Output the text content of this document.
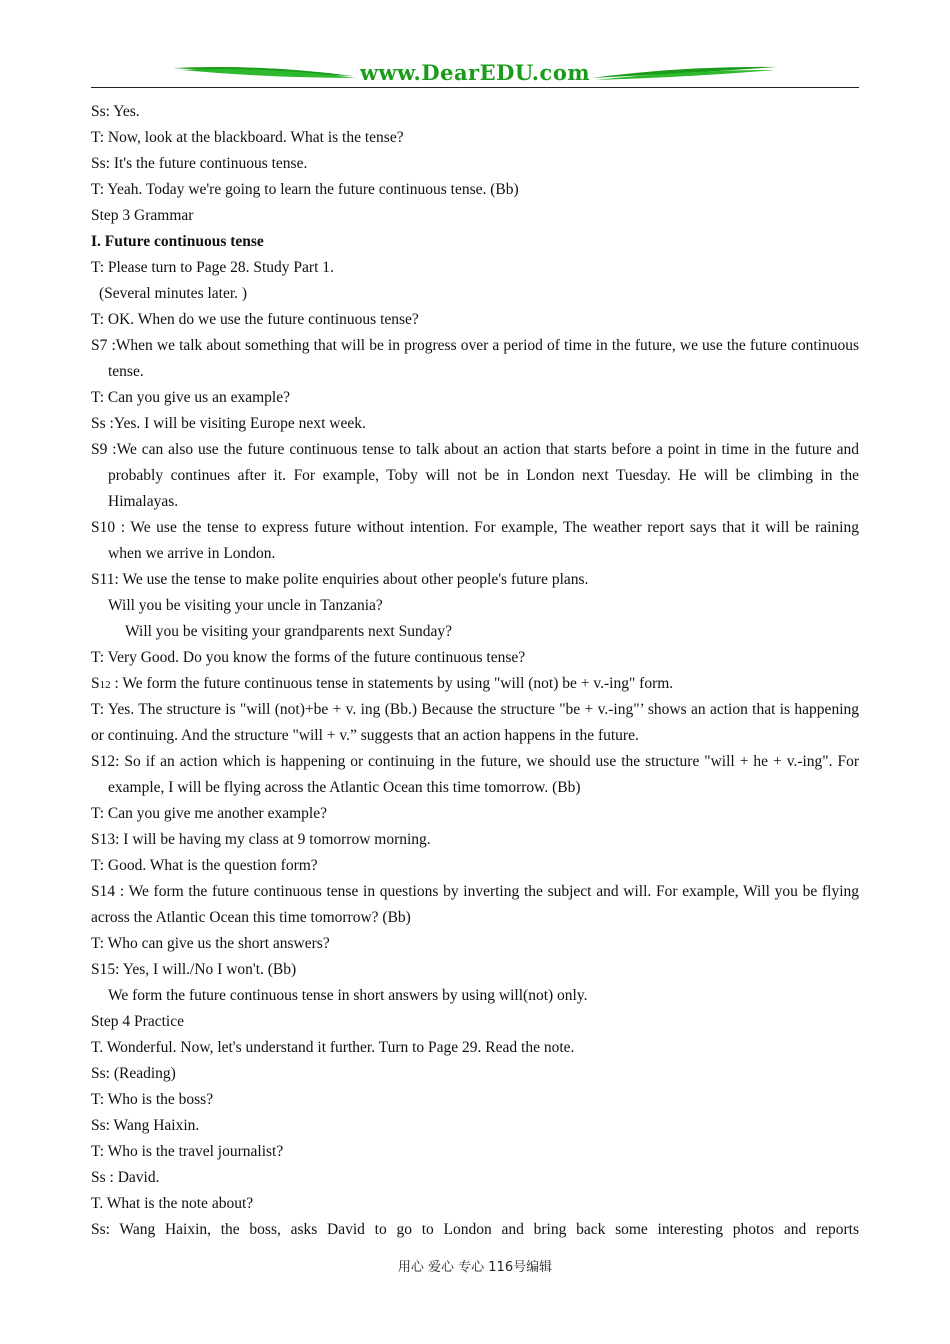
www.DearEDU.com
Ss: Yes.
T: Now, look at the blackboard. What is the tense?
Ss: It's the future continuous tense.
T: Yeah. Today we're going to learn the future continuous tense. (Bb)
Step 3 Grammar
I. Future continuous tense
T: Please turn to Page 28. Study Part 1.
(Several minutes later. )
T: OK. When do we use the future continuous tense?
S7 :When we talk about something that will be in progress over a period of time in the future, we use the future continuous tense.
T: Can you give us an example?
Ss :Yes. I will be visiting Europe next week.
S9 :We can also use the future continuous tense to talk about an action that starts before a point in time in the future and probably continues after it. For example, Toby will not be in London next Tuesday. He will be climbing in the Himalayas.
S10 : We use the tense to express future without intention. For example, The weather report says that it will be raining when we arrive in London.
S11: We use the tense to make polite enquiries about other people's future plans.
Will you be visiting your uncle in Tanzania?
Will you be visiting your grandparents next Sunday?
T: Very Good. Do you know the forms of the future continuous tense?
S12 : We form the future continuous tense in statements by using "will (not) be + v.-ing" form.
T: Yes. The structure is "will (not)+be + v. ing (Bb.) Because the structure "be + v.-ing"’ shows an action that is happening or continuing. And the structure "will + v.” suggests that an action happens in the future.
S12: So if an action which is happening or continuing in the future, we should use the structure "will + he + v.-ing". For example, I will be flying across the Atlantic Ocean this time tomorrow. (Bb)
T: Can you give me another example?
S13: I will be having my class at 9 tomorrow morning.
T: Good. What is the question form?
S14 : We form the future continuous tense in questions by inverting the subject and will. For example, Will you be flying across the Atlantic Ocean this time tomorrow? (Bb)
T: Who can give us the short answers?
S15: Yes, I will./No I won't. (Bb)
We form the future continuous tense in short answers by using will(not) only.
Step 4 Practice
T. Wonderful. Now, let's understand it further. Turn to Page 29. Read the note.
Ss: (Reading)
T: Who is the boss?
Ss: Wang Haixin.
T: Who is the travel journalist?
Ss : David.
T. What is the note about?
Ss: Wang Haixin, the boss, asks David to go to London and bring back some interesting photos and reports
用心 爱心 专心 116号编辑
